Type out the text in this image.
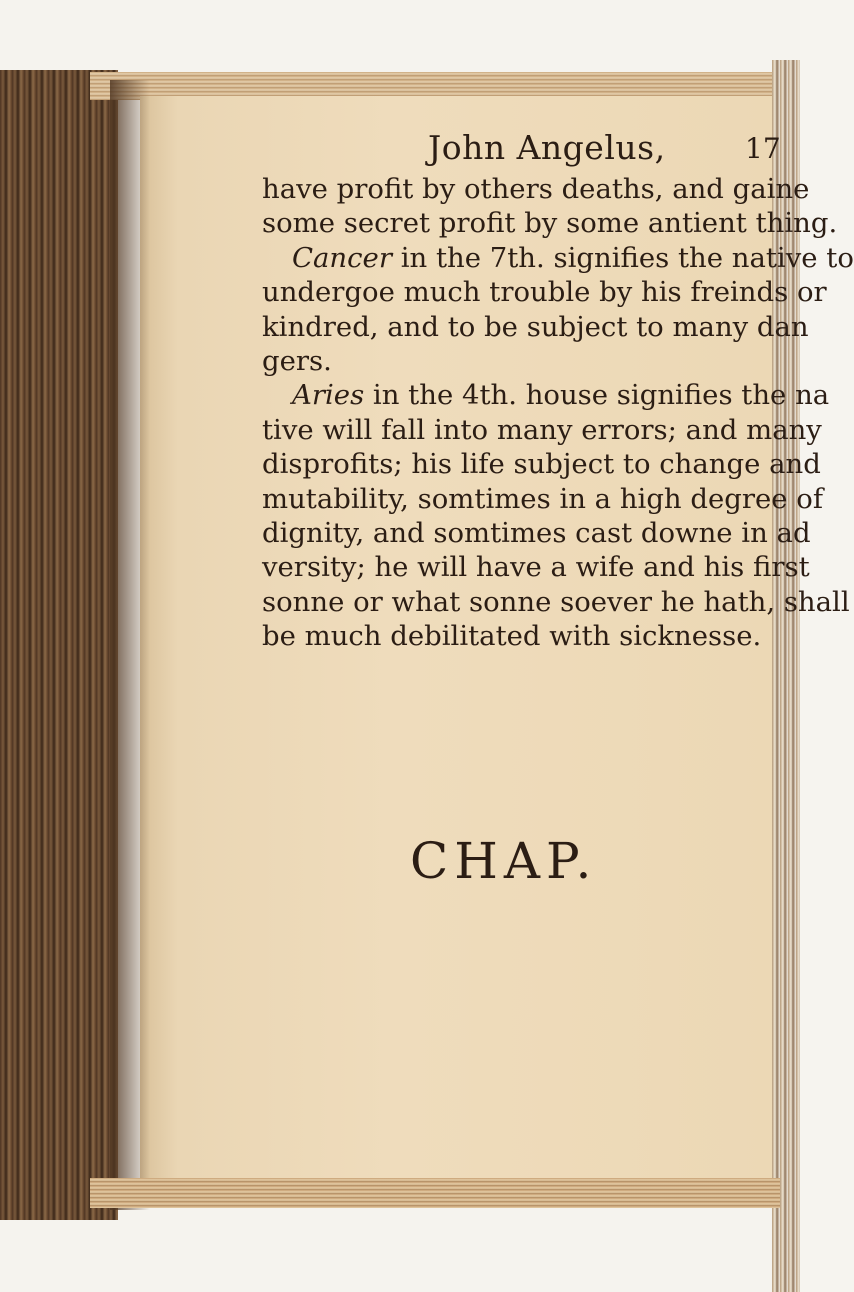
John Angelus,	17
have profit by others deaths, and gaine
some secret profit by some antient thing.
Cancer in the 7th. signifies the native to
undergoe much trouble by his freinds or
kindred, and to be subject to many dan
gers.
Aries in the 4th. house signifies the na
tive will fall into many errors; and many
disprofits; his life subject to change and
mutability, somtimes in a high degree of
dignity, and somtimes cast downe in ad
versity; he will have a wife and his first
sonne or what sonne soever he hath, shall
be much debilitated with sicknesse.
CHAP.
